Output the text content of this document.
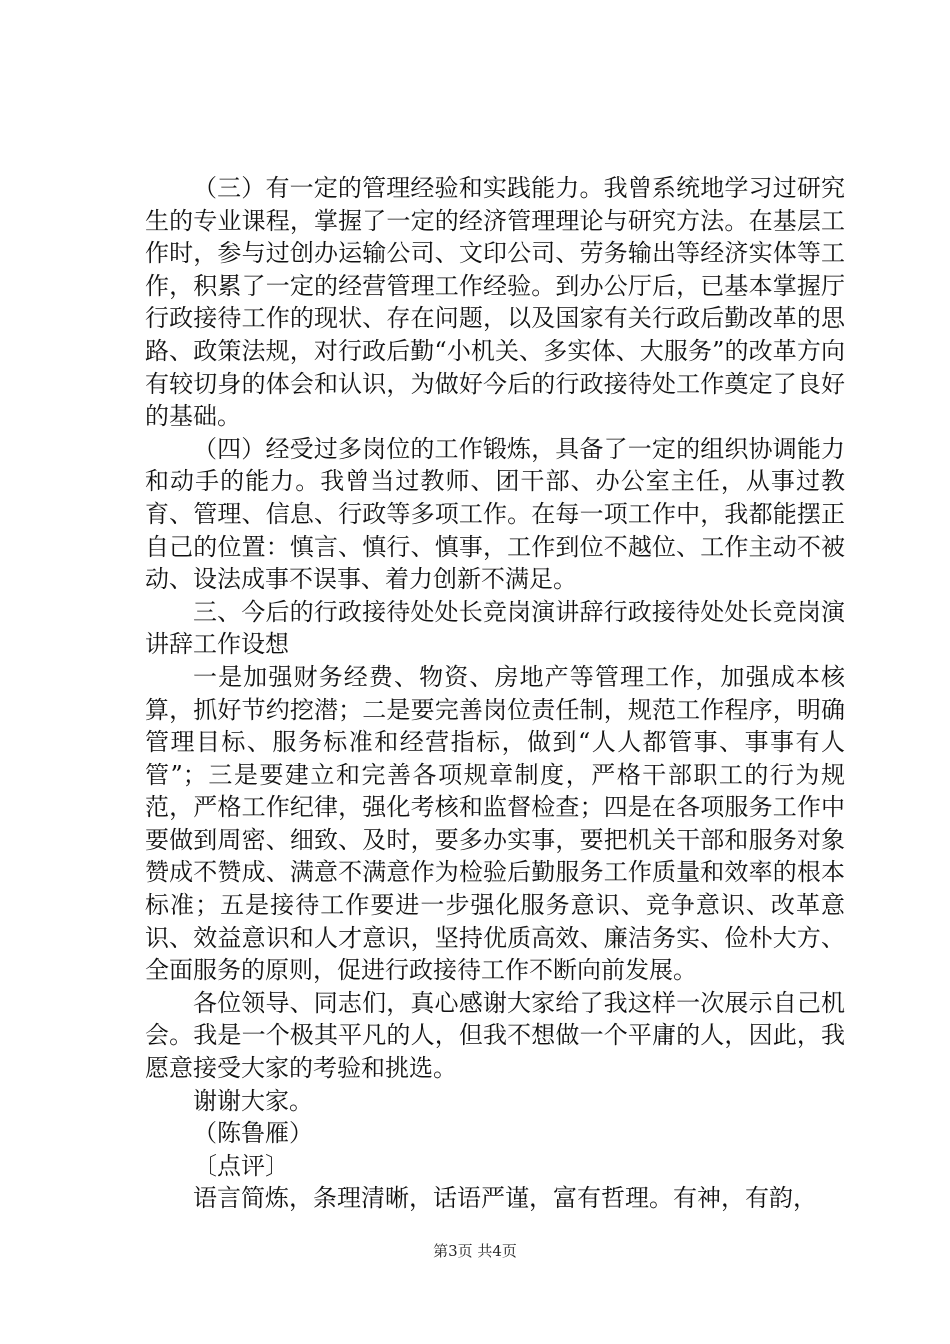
（三）有一定的管理经验和实践能力。我曾系统地学习过研究生的专业课程，掌握了一定的经济管理理论与研究方法。在基层工作时，参与过创办运输公司、文印公司、劳务输出等经济实体等工作，积累了一定的经营管理工作经验。到办公厅后，已基本掌握厅行政接待工作的现状、存在问题，以及国家有关行政后勤改革的思路、政策法规，对行政后勤“小机关、多实体、大服务”的改革方向有较切身的体会和认识，为做好今后的行政接待处工作奠定了良好的基础。

（四）经受过多岗位的工作锻炼，具备了一定的组织协调能力和动手的能力。我曾当过教师、团干部、办公室主任，从事过教育、管理、信息、行政等多项工作。在每一项工作中，我都能摆正自己的位置：慎言、慎行、慎事，工作到位不越位、工作主动不被动、设法成事不误事、着力创新不满足。

三、今后的行政接待处处长竞岗演讲辞行政接待处处长竞岗演讲辞工作设想

一是加强财务经费、物资、房地产等管理工作，加强成本核算，抓好节约挖潜；二是要完善岗位责任制，规范工作程序，明确管理目标、服务标准和经营指标，做到“人人都管事、事事有人管”；三是要建立和完善各项规章制度，严格干部职工的行为规范，严格工作纪律，强化考核和监督检查；四是在各项服务工作中要做到周密、细致、及时，要多办实事，要把机关干部和服务对象赞成不赞成、满意不满意作为检验后勤服务工作质量和效率的根本标准；五是接待工作要进一步强化服务意识、竞争意识、改革意识、效益意识和人才意识，坚持优质高效、廉洁务实、俭朴大方、全面服务的原则，促进行政接待工作不断向前发展。

各位领导、同志们，真心感谢大家给了我这样一次展示自己机会。我是一个极其平凡的人，但我不想做一个平庸的人，因此，我愿意接受大家的考验和挑选。

谢谢大家。

（陈鲁雁）

〔点评〕

语言简炼，条理清晰，话语严谨，富有哲理。有神，有韵，

第3页 共4页
